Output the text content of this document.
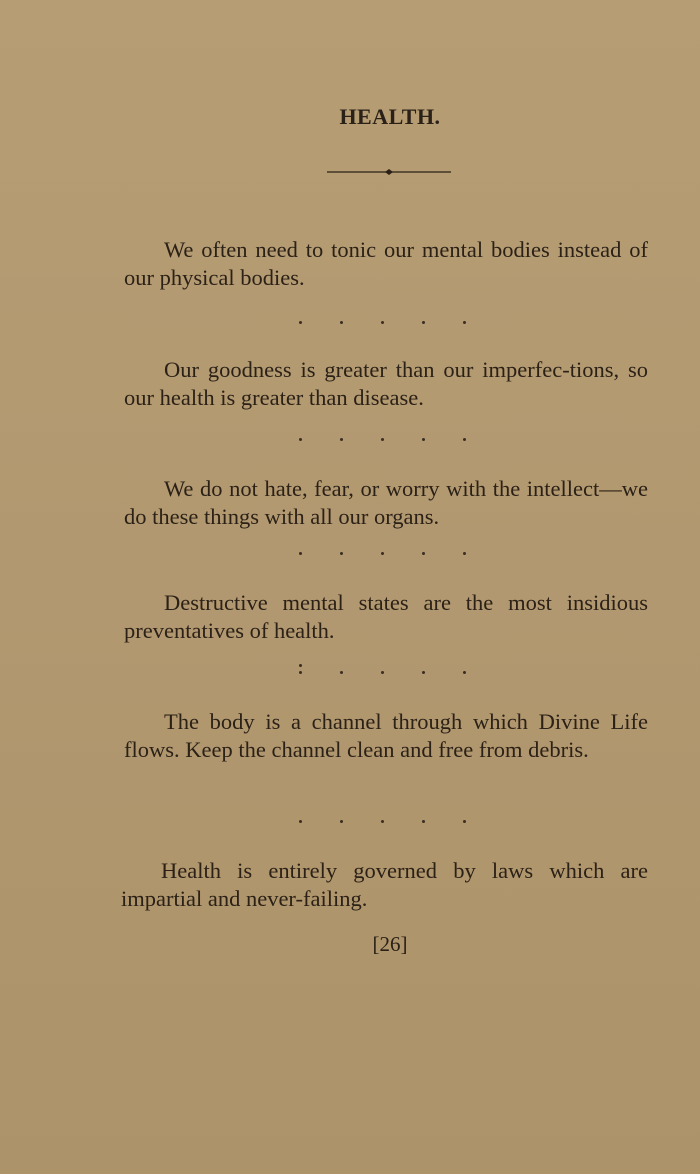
HEALTH.
We often need to tonic our mental bodies instead of our physical bodies.
Our goodness is greater than our imperfec-tions, so our health is greater than disease.
We do not hate, fear, or worry with the intellect—we do these things with all our organs.
Destructive mental states are the most insidious preventatives of health.
The body is a channel through which Divine Life flows. Keep the channel clean and free from debris.
Health is entirely governed by laws which are impartial and never-failing.
[26]
